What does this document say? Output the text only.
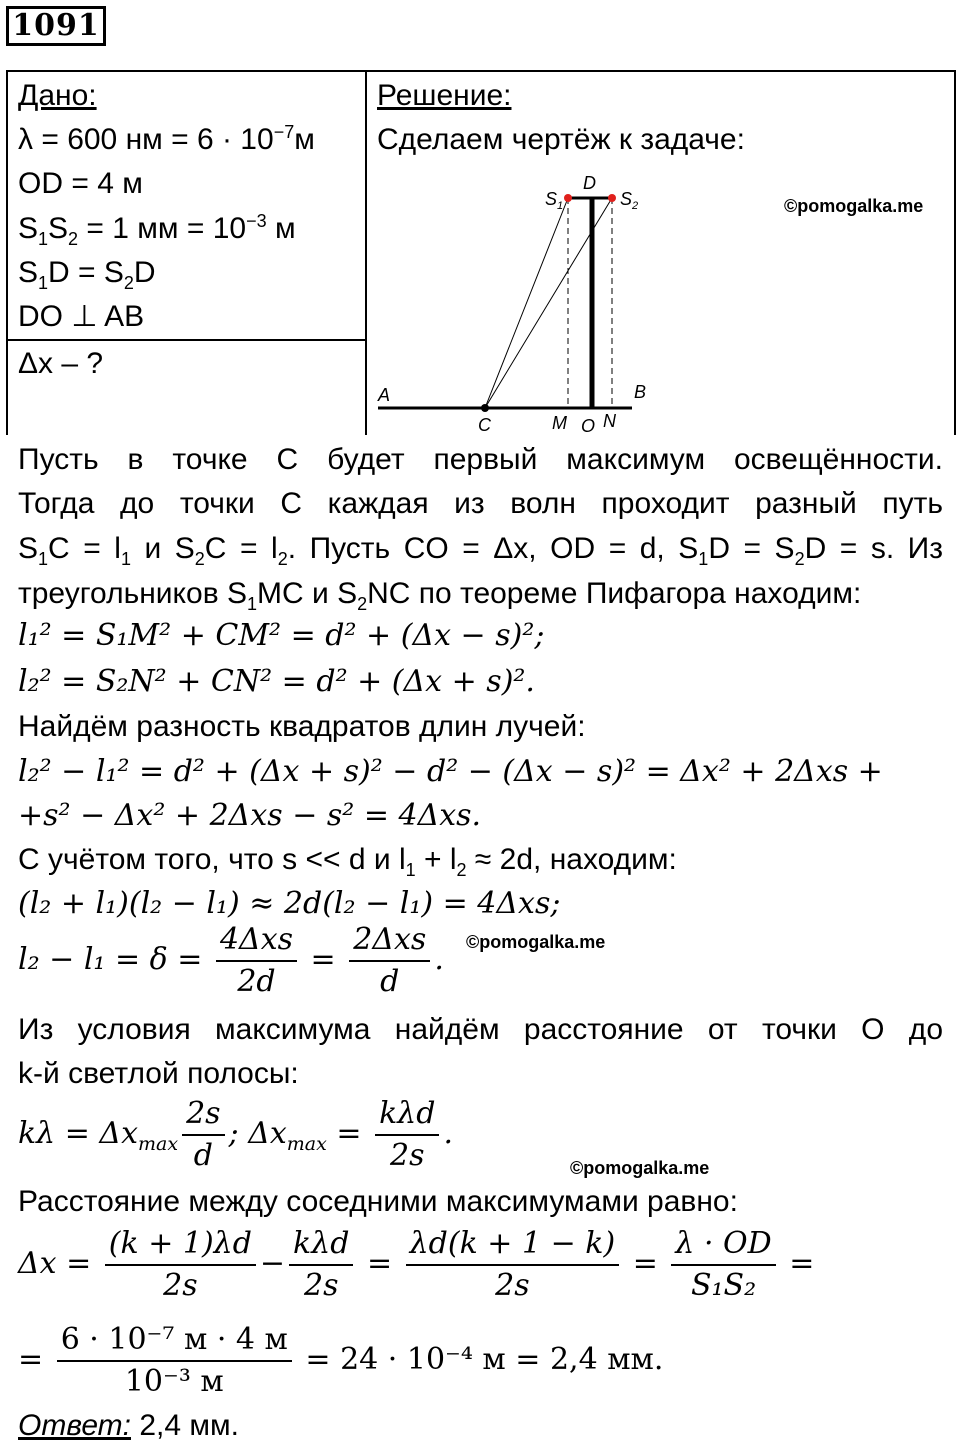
1091
Дано:
λ = 600 нм = $6 \cdot 10^{-7}м$
OD = 4 м
$S_1S_2 = 1$ мм = $10^{-3}$ м
$S_1D = S_2D$
DO ⊥ AB
Δx – ?
Решение:
Сделаем чертёж к задаче:
$S_1$
D
$S_2$
A	B
C	M O N
©pomogalka.me
Пусть в точке C будет первый максимум освещённости.
Тогда до точки C каждая из волн проходит разный путь
$S_1C = l_1$ и $S_2C = l_2$. Пусть CO = Δx, OD = d, $S_1D = S_2D = s$. Из
треугольников $S_1MC$ и $S_2NC$ по теореме Пифагора находим:
l₁² = S₁M² + CM² = d² + (Δx − s)²;
l₂² = S₂N² + CN² = d² + (Δx + s)².
Найдём разность квадратов длин лучей:
l₂² − l₁² = d² + (Δx + s)² − d² − (Δx − s)² = Δx² + 2Δxs +
+s² − Δx² + 2Δxs − s² = 4Δxs.
С учётом того, что s << d и $l_1 + l_2 \approx 2d$, находим:
(l₂ + l₁)(l₂ − l₁) ≈ 2d(l₂ − l₁) = 4Δxs;
$l_2 - l_1 = \delta = \frac{\text{4Δxs}}{2d} = \frac{\text{2Δxs}}{d}$ . ©pomogalka.me
Из условия максимума найдём расстояние от точки O до
k-й светлой полосы:
$k\lambda = \Delta x_{max} \frac{2s}{d}$ ; $\Delta x_{max} = \frac{\text{kλd}}{2s}$ .
©pomogalka.me
Расстояние между соседними максимумами равно:
$\Delta x = \frac{(k + 1)\lambda d}{2s} - \frac{\text{kλd}}{2s} = \frac{\lambda d(k + 1 - k)}{2s} = \frac{\lambda \cdot OD}{\text{S₁S₂}}$ =
= $\frac{\text{6 · 10⁻⁷ м · 4 м}}{\text{10⁻³ м}} = 24 \cdot 10^{-4}$ м = 2,4 мм.
Ответ: 2,4 мм.
